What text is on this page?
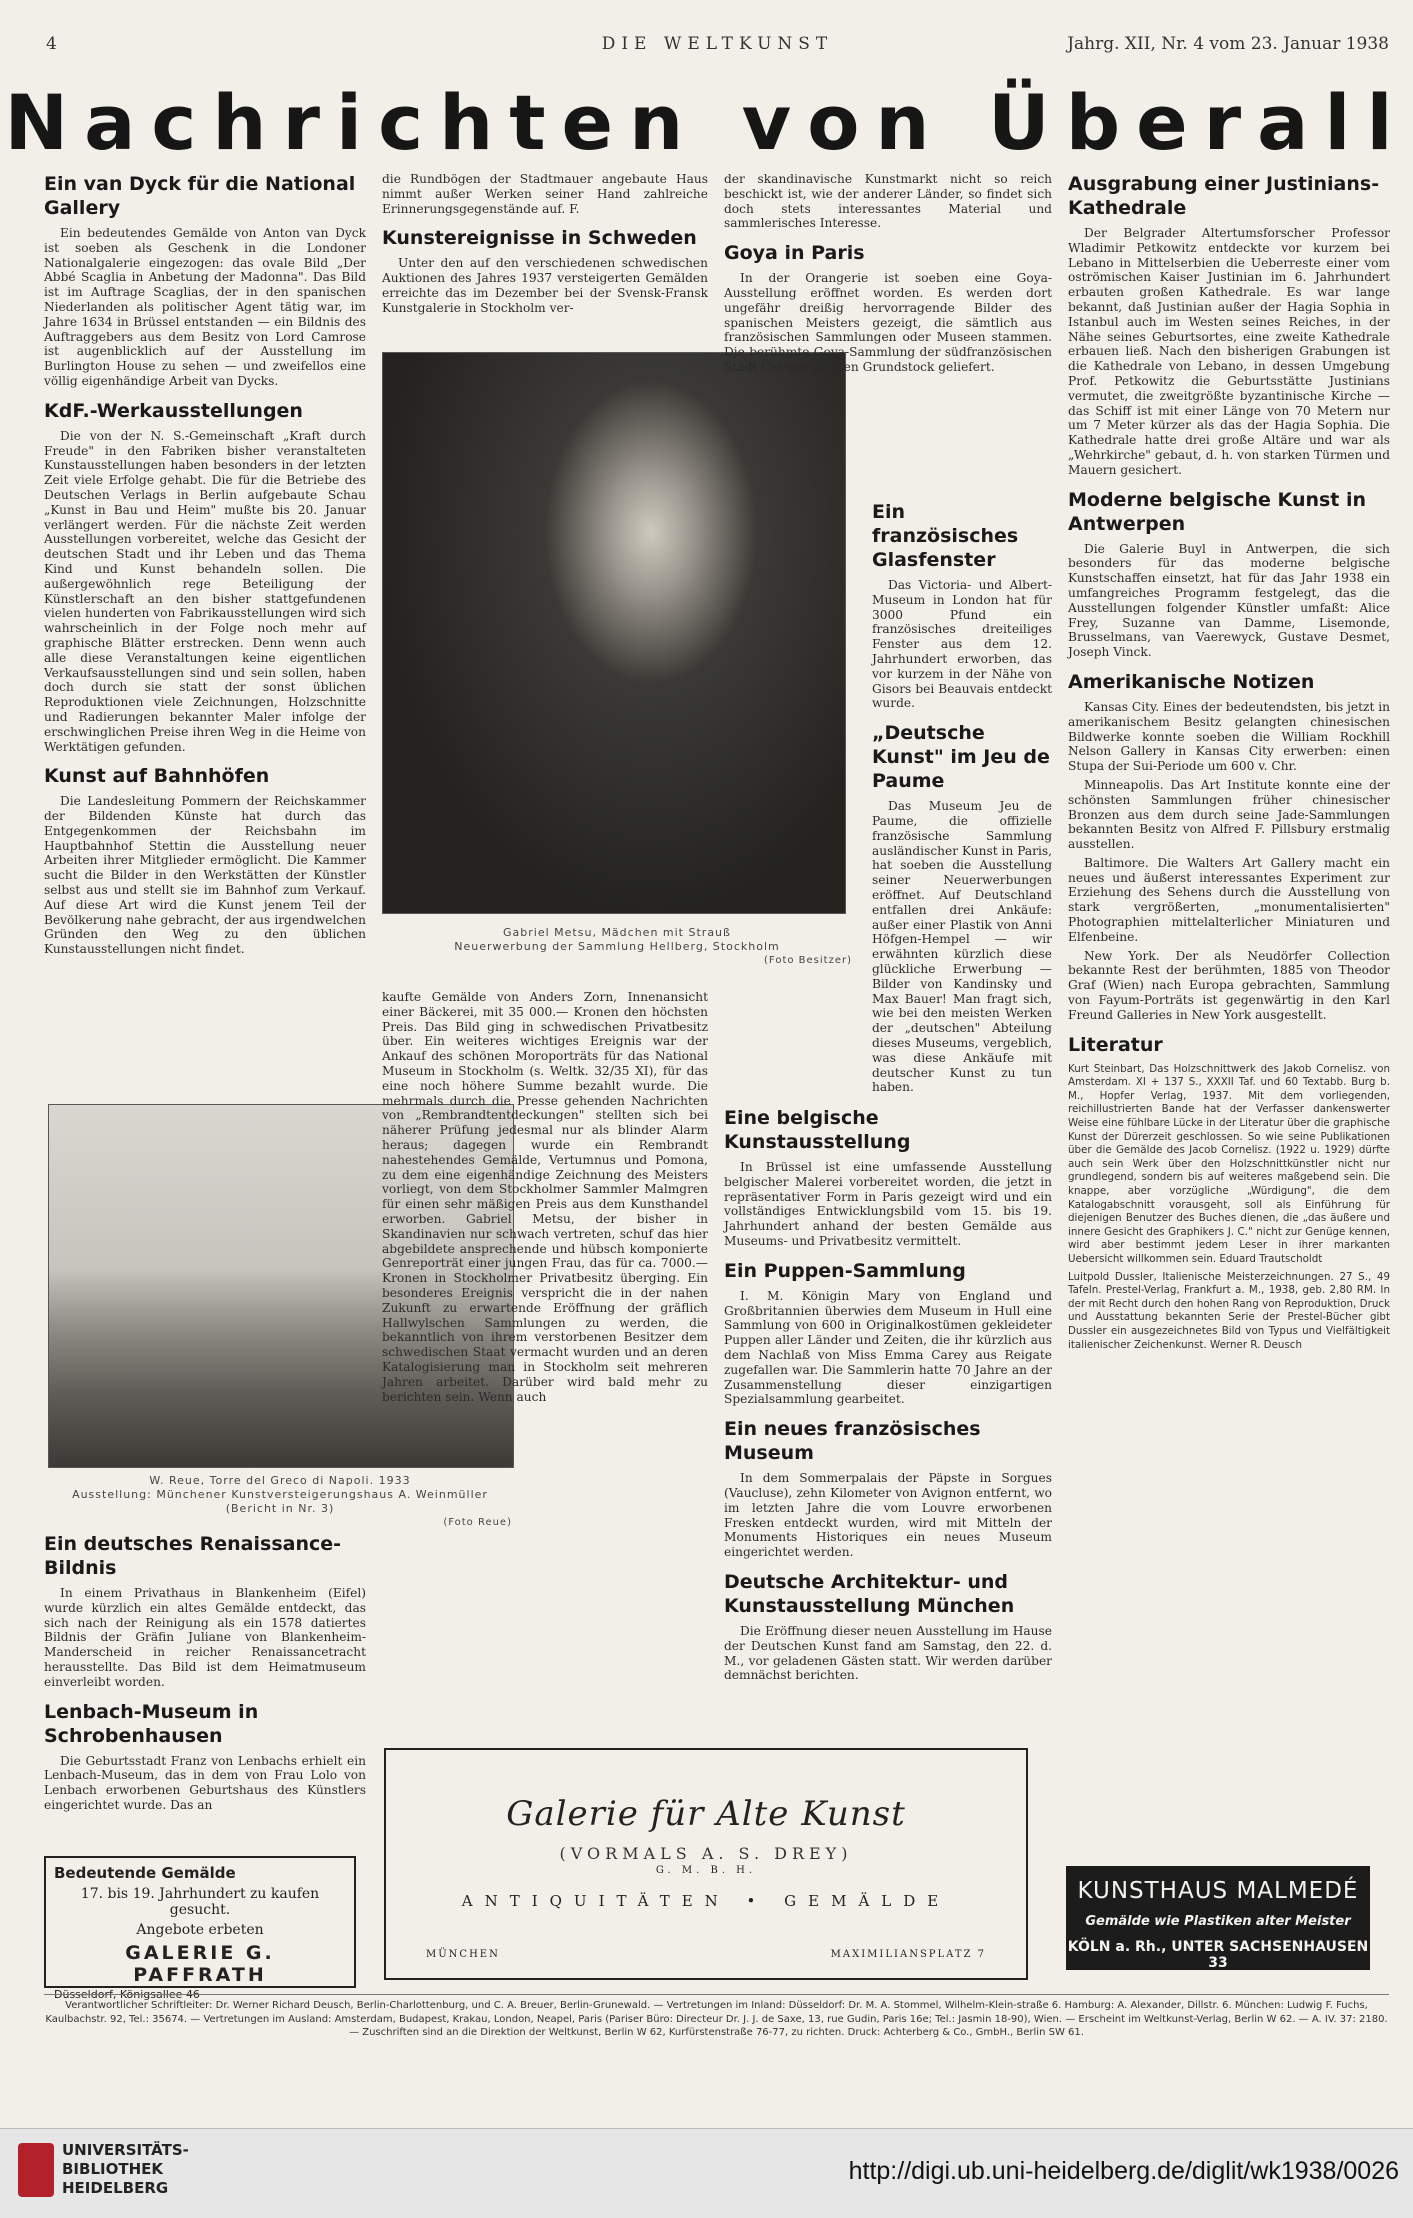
4	DIE WELTKUNST	Jahrg. XII, Nr. 4 vom 23. Januar 1938
Nachrichten von Überall
Ein van Dyck für die National Gallery

Ein bedeutendes Gemälde von Anton van Dyck ist soeben als Geschenk in die Londoner Nationalgalerie eingezogen: das ovale Bild „Der Abbé Scaglia in Anbetung der Madonna". Das Bild ist im Auftrage Scaglias, der in den spanischen Niederlanden als politischer Agent tätig war, im Jahre 1634 in Brüssel entstanden — ein Bildnis des Auftraggebers aus dem Besitz von Lord Camrose ist augenblicklich auf der Ausstellung im Burlington House zu sehen — und zweifellos eine völlig eigenhändige Arbeit van Dycks.

KdF.-Werkausstellungen

Die von der N. S.-Gemeinschaft „Kraft durch Freude" in den Fabriken bisher veranstalteten Kunstausstellungen haben besonders in der letzten Zeit viele Erfolge gehabt. Die für die Betriebe des Deutschen Verlags in Berlin aufgebaute Schau „Kunst in Bau und Heim" mußte bis 20. Januar verlängert werden. Für die nächste Zeit werden Ausstellungen vorbereitet, welche das Gesicht der deutschen Stadt und ihr Leben und das Thema Kind und Kunst behandeln sollen. Die außergewöhnlich rege Beteiligung der Künstlerschaft an den bisher stattgefundenen vielen hunderten von Fabrikausstellungen wird sich wahrscheinlich in der Folge noch mehr auf graphische Blätter erstrecken. Denn wenn auch alle diese Veranstaltungen keine eigentlichen Verkaufsausstellungen sind und sein sollen, haben doch durch sie statt der sonst üblichen Reproduktionen viele Zeichnungen, Holzschnitte und Radierungen bekannter Maler infolge der erschwinglichen Preise ihren Weg in die Heime von Werktätigen gefunden.

Kunst auf Bahnhöfen

Die Landesleitung Pommern der Reichskammer der Bildenden Künste hat durch das Entgegenkommen der Reichsbahn im Hauptbahnhof Stettin die Ausstellung neuer Arbeiten ihrer Mitglieder ermöglicht. Die Kammer sucht die Bilder in den Werkstätten der Künstler selbst aus und stellt sie im Bahnhof zum Verkauf. Auf diese Art wird die Kunst jenem Teil der Bevölkerung nahe gebracht, der aus irgendwelchen Gründen den Weg zu den üblichen Kunstausstellungen nicht findet.

W. Reue, Torre del Greco di Napoli. 1933
Ausstellung: Münchener Kunstversteigerungshaus A. Weinmüller (Bericht in Nr. 3)
(Foto Reue)
Ein deutsches Renaissance-Bildnis

In einem Privathaus in Blankenheim (Eifel) wurde kürzlich ein altes Gemälde entdeckt, das sich nach der Reinigung als ein 1578 datiertes Bildnis der Gräfin Juliane von Blankenheim-Manderscheid in reicher Renaissancetracht herausstellte. Das Bild ist dem Heimatmuseum einverleibt worden.

Lenbach-Museum in Schrobenhausen

Die Geburtsstadt Franz von Lenbachs erhielt ein Lenbach-Museum, das in dem von Frau Lolo von Lenbach erworbenen Geburtshaus des Künstlers eingerichtet wurde. Das an

die Rundbögen der Stadtmauer angebaute Haus nimmt außer Werken seiner Hand zahlreiche Erinnerungsgegenstände auf. F.

Kunstereignisse in Schweden

Unter den auf den verschiedenen schwedischen Auktionen des Jahres 1937 versteigerten Gemälden erreichte das im Dezember bei der Svensk-Fransk Kunstgalerie in Stockholm ver-

Gabriel Metsu, Mädchen mit Strauß
Neuerwerbung der Sammlung Hellberg, Stockholm
(Foto Besitzer)

kaufte Gemälde von Anders Zorn, Innenansicht einer Bäckerei, mit 35 000.— Kronen den höchsten Preis. Das Bild ging in schwedischen Privatbesitz über. Ein weiteres wichtiges Ereignis war der Ankauf des schönen Moroporträts für das National Museum in Stockholm (s. Weltk. 32/35 XI), für das eine noch höhere Summe bezahlt wurde. Die mehrmals durch die Presse gehenden Nachrichten von „Rembrandtentdeckungen" stellten sich bei näherer Prüfung jedesmal nur als blinder Alarm heraus; dagegen wurde ein Rembrandt nahestehendes Gemälde, Vertumnus und Pomona, zu dem eine eigenhändige Zeichnung des Meisters vorliegt, von dem Stockholmer Sammler Malmgren für einen sehr mäßigen Preis aus dem Kunsthandel erworben. Gabriel Metsu, der bisher in Skandinavien nur schwach vertreten, schuf das hier abgebildete ansprechende und hübsch komponierte Genreporträt einer jungen Frau, das für ca. 7000.— Kronen in Stockholmer Privatbesitz überging. Ein besonderes Ereignis verspricht die in der nahen Zukunft zu erwartende Eröffnung der gräflich Hallwylschen Sammlungen zu werden, die bekanntlich von ihrem verstorbenen Besitzer dem schwedischen Staat vermacht wurden und an deren Katalogisierung man in Stockholm seit mehreren Jahren arbeitet. Darüber wird bald mehr zu berichten sein. Wenn auch

der skandinavische Kunstmarkt nicht so reich beschickt ist, wie der anderer Länder, so findet sich doch stets interessantes Material und sammlerisches Interesse.

Goya in Paris

In der Orangerie ist soeben eine Goya-Ausstellung eröffnet worden. Es werden dort ungefähr dreißig hervorragende Bilder des spanischen Meisters gezeigt, die sämtlich aus französischen Sammlungen oder Museen stammen. Die berühmte Goya-Sammlung der südfranzösischen Stadt Castres hat den Grundstock geliefert.

Ein französisches Glasfenster

Das Victoria- und Albert-Museum in London hat für 3000 Pfund ein französisches dreiteiliges Fenster aus dem 12. Jahrhundert erworben, das vor kurzem in der Nähe von Gisors bei Beauvais entdeckt wurde.

„Deutsche Kunst" im Jeu de Paume

Das Museum Jeu de Paume, die offizielle französische Sammlung ausländischer Kunst in Paris, hat soeben die Ausstellung seiner Neuerwerbungen eröffnet. Auf Deutschland entfallen drei Ankäufe: außer einer Plastik von Anni Höfgen-Hempel — wir erwähnten kürzlich diese glückliche Erwerbung — Bilder von Kandinsky und Max Bauer! Man fragt sich, wie bei den meisten Werken der „deutschen" Abteilung dieses Museums, vergeblich, was diese Ankäufe mit deutscher Kunst zu tun haben.

Eine belgische Kunstausstellung

In Brüssel ist eine umfassende Ausstellung belgischer Malerei vorbereitet worden, die jetzt in repräsentativer Form in Paris gezeigt wird und ein vollständiges Entwicklungsbild vom 15. bis 19. Jahrhundert anhand der besten Gemälde aus Museums- und Privatbesitz vermittelt.

Ein Puppen-Sammlung

I. M. Königin Mary von England und Großbritannien überwies dem Museum in Hull eine Sammlung von 600 in Originalkostümen gekleideter Puppen aller Länder und Zeiten, die ihr kürzlich aus dem Nachlaß von Miss Emma Carey aus Reigate zugefallen war. Die Sammlerin hatte 70 Jahre an der Zusammenstellung dieser einzigartigen Spezialsammlung gearbeitet.

Ein neues französisches Museum

In dem Sommerpalais der Päpste in Sorgues (Vaucluse), zehn Kilometer von Avignon entfernt, wo im letzten Jahre die vom Louvre erworbenen Fresken entdeckt wurden, wird mit Mitteln der Monuments Historiques ein neues Museum eingerichtet werden.

Deutsche Architektur- und Kunstausstellung München

Die Eröffnung dieser neuen Ausstellung im Hause der Deutschen Kunst fand am Samstag, den 22. d. M., vor geladenen Gästen statt. Wir werden darüber demnächst berichten.

Ausgrabung einer Justinians-Kathedrale

Der Belgrader Altertumsforscher Professor Wladimir Petkowitz entdeckte vor kurzem bei Lebano in Mittelserbien die Ueberreste einer vom oströmischen Kaiser Justinian im 6. Jahrhundert erbauten großen Kathedrale. Es war lange bekannt, daß Justinian außer der Hagia Sophia in Istanbul auch im Westen seines Reiches, in der Nähe seines Geburtsortes, eine zweite Kathedrale erbauen ließ. Nach den bisherigen Grabungen ist die Kathedrale von Lebano, in dessen Umgebung Prof. Petkowitz die Geburtsstätte Justinians vermutet, die zweitgrößte byzantinische Kirche — das Schiff ist mit einer Länge von 70 Metern nur um 7 Meter kürzer als das der Hagia Sophia. Die Kathedrale hatte drei große Altäre und war als „Wehrkirche" gebaut, d. h. von starken Türmen und Mauern gesichert.

Moderne belgische Kunst in Antwerpen

Die Galerie Buyl in Antwerpen, die sich besonders für das moderne belgische Kunstschaffen einsetzt, hat für das Jahr 1938 ein umfangreiches Programm festgelegt, das die Ausstellungen folgender Künstler umfaßt: Alice Frey, Suzanne van Damme, Lisemonde, Brusselmans, van Vaerewyck, Gustave Desmet, Joseph Vinck.

Amerikanische Notizen

Kansas City. Eines der bedeutendsten, bis jetzt in amerikanischem Besitz gelangten chinesischen Bildwerke konnte soeben die William Rockhill Nelson Gallery in Kansas City erwerben: einen Stupa der Sui-Periode um 600 v. Chr.

Minneapolis. Das Art Institute konnte eine der schönsten Sammlungen früher chinesischer Bronzen aus dem durch seine Jade-Sammlungen bekannten Besitz von Alfred F. Pillsbury erstmalig ausstellen.

Baltimore. Die Walters Art Gallery macht ein neues und äußerst interessantes Experiment zur Erziehung des Sehens durch die Ausstellung von stark vergrößerten, „monumentalisierten" Photographien mittelalterlicher Miniaturen und Elfenbeine.

New York. Der als Neudörfer Collection bekannte Rest der berühmten, 1885 von Theodor Graf (Wien) nach Europa gebrachten, Sammlung von Fayum-Porträts ist gegenwärtig in den Karl Freund Galleries in New York ausgestellt.

Literatur

Kurt Steinbart, Das Holzschnittwerk des Jakob Cornelisz. von Amsterdam. XI + 137 S., XXXII Taf. und 60 Textabb. Burg b. M., Hopfer Verlag, 1937. Mit dem vorliegenden, reichillustrierten Bande hat der Verfasser dankenswerter Weise eine fühlbare Lücke in der Literatur über die graphische Kunst der Dürerzeit geschlossen. So wie seine Publikationen über die Gemälde des Jacob Cornelisz. (1922 u. 1929) dürfte auch sein Werk über den Holzschnittkünstler nicht nur grundlegend, sondern bis auf weiteres maßgebend sein. Die knappe, aber vorzügliche „Würdigung", die dem Katalogabschnitt vorausgeht, soll als Einführung für diejenigen Benutzer des Buches dienen, die „das äußere und innere Gesicht des Graphikers J. C." nicht zur Genüge kennen, wird aber bestimmt jedem Leser in ihrer markanten Uebersicht willkommen sein. Eduard Trautscholdt

Luitpold Dussler, Italienische Meisterzeichnungen. 27 S., 49 Tafeln. Prestel-Verlag, Frankfurt a. M., 1938, geb. 2,80 RM. In der mit Recht durch den hohen Rang von Reproduktion, Druck und Ausstattung bekannten Serie der Prestel-Bücher gibt Dussler ein ausgezeichnetes Bild von Typus und Vielfältigkeit italienischer Zeichenkunst. Werner R. Deusch

Bedeutende Gemälde
17. bis 19. Jahrhundert zu kaufen gesucht.
Angebote erbeten
GALERIE G. PAFFRATH
Düsseldorf, Königsallee 46
Galerie für Alte Kunst
(VORMALS A. S. DREY)
G. M. B. H.
ANTIQUITÄTEN • GEMÄLDE
MÜNCHEN	MAXIMILIANSPLATZ 7
KUNSTHAUS MALMEDÉ
Gemälde wie Plastiken alter Meister
KÖLN a. Rh., UNTER SACHSENHAUSEN 33
Verantwortlicher Schriftleiter: Dr. Werner Richard Deusch, Berlin-Charlottenburg, und C. A. Breuer, Berlin-Grunewald. — Vertretungen im Inland: Düsseldorf: Dr. M. A. Stommel, Wilhelm-Klein-straße 6. Hamburg: A. Alexander, Dillstr. 6. München: Ludwig F. Fuchs, Kaulbachstr. 92, Tel.: 35674. — Vertretungen im Ausland: Amsterdam, Budapest, Krakau, London, Neapel, Paris (Pariser Büro: Directeur Dr. J. J. de Saxe, 13, rue Gudin, Paris 16e; Tel.: Jasmin 18-90), Wien. — Erscheint im Weltkunst-Verlag, Berlin W 62. — A. IV. 37: 2180. — Zuschriften sind an die Direktion der Weltkunst, Berlin W 62, Kurfürstenstraße 76-77, zu richten. Druck: Achterberg & Co., GmbH., Berlin SW 61.
UNIVERSITÄTS-
BIBLIOTHEK
HEIDELBERG
http://digi.ub.uni-heidelberg.de/diglit/wk1938/0026
